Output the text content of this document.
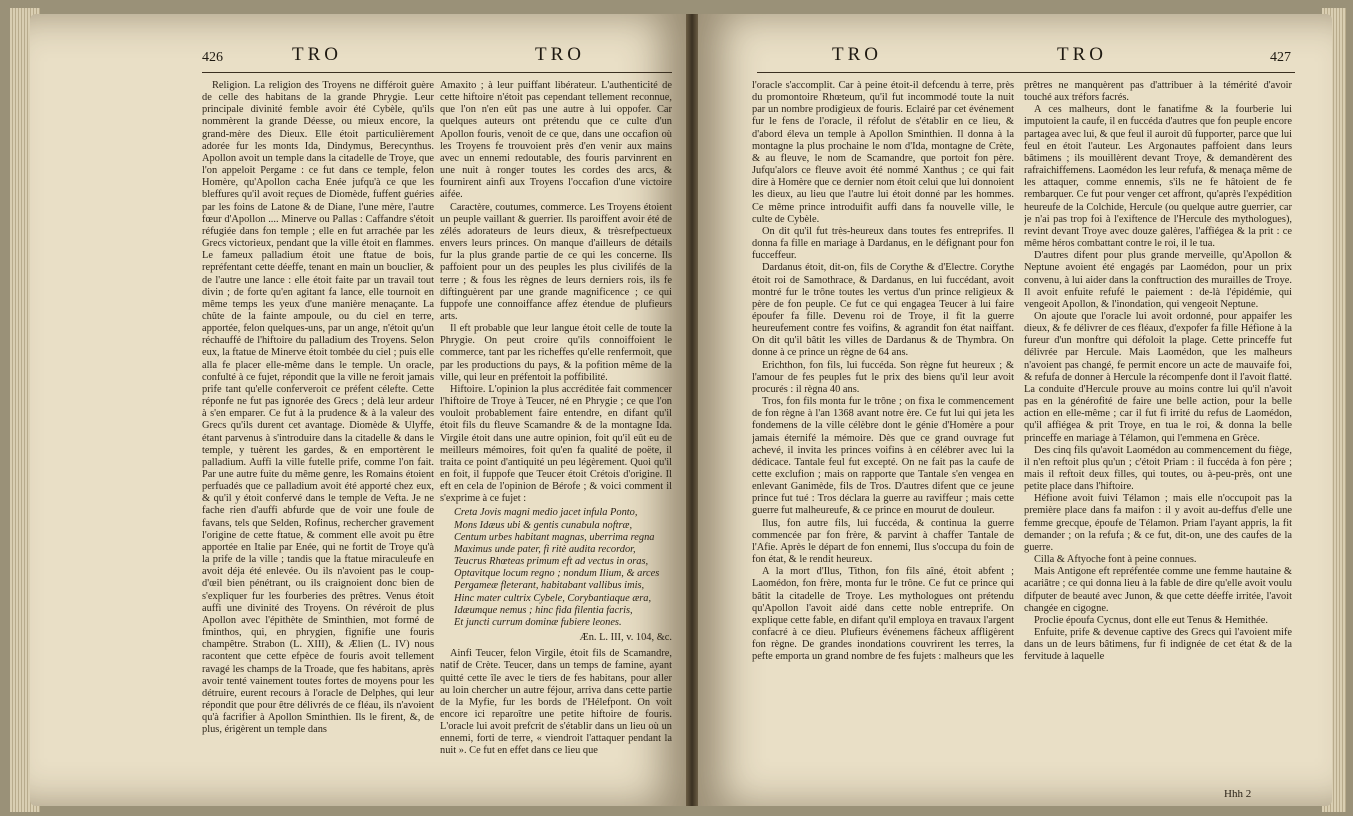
426	TRO	TRO

Religion. La religion des Troyens ne différoit guère de celle des habitans de la grande Phrygie. Leur principale divinité femble avoir été Cybèle, qu'ils nommèrent la grande Déesse, ou mieux encore, la grand-mère des Dieux. Elle étoit particulièrement adorée fur les monts Ida, Dindymus, Berecynthus. Apollon avoit un temple dans la citadelle de Troye, que l'on appeloit Pergame : ce fut dans ce temple, felon Homère, qu'Apollon cacha Enée jufqu'à ce que les bleffures qu'il avoit reçues de Diomède, fuffent guéries par les foins de Latone & de Diane, l'une mère, l'autre fœur d'Apollon .... Minerve ou Pallas : Caffandre s'étoit réfugiée dans fon temple ; elle en fut arrachée par les Grecs victorieux, pendant que la ville étoit en flammes. Le fameux palladium étoit une ftatue de bois, repréfentant cette déeffe, tenant en main un bouclier, & de l'autre une lance : elle étoit faite par un travail tout divin ; de forte qu'en agitant fa lance, elle tournoit en même temps les yeux d'une manière menaçante. La chûte de la fainte ampoule, ou du ciel en terre, apportée, felon quelques-uns, par un ange, n'étoit qu'un réchauffé de l'hiftoire du palladium des Troyens. Selon eux, la ftatue de Minerve étoit tombée du ciel ; puis elle alla fe placer elle-même dans le temple. Un oracle, confulté à ce fujet, répondit que la ville ne feroit jamais prife tant qu'elle conferveroit ce préfent célefte. Cette réponfe ne fut pas ignorée des Grecs ; delà leur ardeur à s'en emparer. Ce fut à la prudence & à la valeur des Grecs qu'ils durent cet avantage. Diomède & Ulyffe, étant parvenus à s'introduire dans la citadelle & dans le temple, y tuèrent les gardes, & en emportèrent le palladium. Auffi la ville futelle prife, comme l'on fait. Par une autre fuite du même genre, les Romains étoient perfuadés que ce palladium avoit été apporté chez eux, & qu'il y étoit confervé dans le temple de Vefta. Je ne fache rien d'auffi abfurde que de voir une foule de favans, tels que Selden, Rofinus, rechercher gravement l'origine de cette ftatue, & comment elle avoit pu être apportée en Italie par Enée, qui ne fortit de Troye qu'à la prife de la ville ; tandis que la ftatue miraculeufe en avoit déja été enlevée. Ou ils n'avoient pas le coup-d'œil bien pénétrant, ou ils craignoient donc bien de s'expliquer fur les fourberies des prêtres. Venus étoit auffi une divinité des Troyens. On révéroit de plus Apollon avec l'épithète de Sminthien, mot formé de fminthos, qui, en phrygien, fignifie une fouris champêtre. Strabon (L. XIII), & Ælien (L. IV) nous racontent que cette efpèce de fouris avoit tellement ravagé les champs de la Troade, que fes habitans, après avoir tenté vainement toutes fortes de moyens pour les détruire, eurent recours à l'oracle de Delphes, qui leur répondit que pour être délivrés de ce fléau, ils n'avoient qu'à facrifier à Apollon Sminthien. Ils le firent, &, de plus, érigèrent un temple dans

Amaxito ; à leur puiffant libérateur. L'authenticité de cette hiftoire n'étoit pas cependant tellement reconnue, que l'on n'en eût pas une autre à lui oppofer. Car quelques auteurs ont prétendu que ce culte d'un Apollon fouris, venoit de ce que, dans une occafion où les Troyens fe trouvoient près d'en venir aux mains avec un ennemi redoutable, des fouris parvinrent en une nuit à ronger toutes les cordes des arcs, & fournirent ainfi aux Troyens l'occafion d'une victoire aifée.

Caractère, coutumes, commerce. Les Troyens étoient un peuple vaillant & guerrier. Ils paroiffent avoir été de zélés adorateurs de leurs dieux, & trèsrefpectueux envers leurs princes. On manque d'ailleurs de détails fur la plus grande partie de ce qui les concerne. Ils paffoient pour un des peuples les plus civilifés de la terre ; & fous les règnes de leurs derniers rois, ils fe diftinguèrent par une grande magnificence ; ce qui fuppofe une connoiffance affez étendue de plufieurs arts.

Il eft probable que leur langue étoit celle de toute la Phrygie. On peut croire qu'ils connoiffoient le commerce, tant par les richeffes qu'elle renfermoit, que par les productions du pays, & la pofition même de la ville, qui leur en préfentoit la poffibilité.

Hiftoire. L'opinion la plus accréditée fait commencer l'hiftoire de Troye à Teucer, né en Phrygie ; ce que l'on vouloit probablement faire entendre, en difant qu'il étoit fils du fleuve Scamandre & de la montagne Ida. Virgile étoit dans une autre opinion, foit qu'il eût eu de meilleurs mémoires, foit qu'en fa qualité de poëte, il traita ce point d'antiquité un peu légèrement. Quoi qu'il en foit, il fuppofe que Teucer étoit Crétois d'origine. Il eft en cela de l'opinion de Bérofe ; & voici comment il s'exprime à ce fujet :

Creta Jovis magni medio jacet infula Ponto,
Mons Idæus ubi & gentis cunabula noftræ,
Centum urbes habitant magnas, uberrima regna
Maximus unde pater, fi ritè audita recordor,
Teucrus Rhœteas primum eft ad vectus in oras,
Optavitque locum regno ; nondum Ilium, & arces
Pergameæ fleterant, habitabant vallibus imis,
Hinc mater cultrix Cybele, Corybantiaque æra,
Idæumque nemus ; hinc fida filentia facris,
Et juncti currum dominæ fubiere leones.

Æn. L. III, v. 104, &c.

Ainfi Teucer, felon Virgile, étoit fils de Scamandre, natif de Crète. Teucer, dans un temps de famine, ayant quitté cette île avec le tiers de fes habitans, pour aller au loin chercher un autre féjour, arriva dans cette partie de la Myfie, fur les bords de l'Hélefpont. On voit encore ici reparoître une petite hiftoire de fouris. L'oracle lui avoit prefcrit de s'établir dans un lieu où un ennemi, forti de terre, « viendroit l'attaquer pendant la nuit ». Ce fut en effet dans ce lieu que

TRO	TRO	427

l'oracle s'accomplit. Car à peine étoit-il defcendu à terre, près du promontoire Rhœteum, qu'il fut incommodé toute la nuit par un nombre prodigieux de fouris. Eclairé par cet événement fur le fens de l'oracle, il réfolut de s'établir en ce lieu, & d'abord éleva un temple à Apollon Sminthien. Il donna à la montagne la plus prochaine le nom d'Ida, montagne de Crète, & au fleuve, le nom de Scamandre, que portoit fon père. Jufqu'alors ce fleuve avoit été nommé Xanthus ; ce qui fait dire à Homère que ce dernier nom étoit celui que lui donnoient les dieux, au lieu que l'autre lui étoit donné par les hommes. Ce même prince introduifit auffi dans fa nouvelle ville, le culte de Cybèle.

On dit qu'il fut très-heureux dans toutes fes entreprifes. Il donna fa fille en mariage à Dardanus, en le défignant pour fon fucceffeur.

Dardanus étoit, dit-on, fils de Corythe & d'Electre. Corythe étoit roi de Samothrace, & Dardanus, en lui fuccédant, avoit montré fur le trône toutes les vertus d'un prince religieux & père de fon peuple. Ce fut ce qui engagea Teucer à lui faire époufer fa fille. Devenu roi de Troye, il fit la guerre heureufement contre fes voifins, & agrandit fon état naiffant. On dit qu'il bâtit les villes de Dardanus & de Thymbra. On donne à ce prince un règne de 64 ans.

Erichthon, fon fils, lui fuccéda. Son règne fut heureux ; & l'amour de fes peuples fut le prix des biens qu'il leur avoit procurés : il règna 40 ans.

Tros, fon fils monta fur le trône ; on fixa le commencement de fon règne à l'an 1368 avant notre ère. Ce fut lui qui jeta les fondemens de la ville célèbre dont le génie d'Homère a pour jamais éternifé la mémoire. Dès que ce grand ouvrage fut achevé, il invita les princes voifins à en célébrer avec lui la dédicace. Tantale feul fut excepté. On ne fait pas la caufe de cette exclufion ; mais on rapporte que Tantale s'en vengea en enlevant Ganimède, fils de Tros. D'autres difent que ce jeune prince fut tué : Tros déclara la guerre au raviffeur ; mais cette guerre fut malheureufe, & ce prince en mourut de douleur.

Ilus, fon autre fils, lui fuccéda, & continua la guerre commencée par fon frère, & parvint à chaffer Tantale de l'Afie. Après le départ de fon ennemi, Ilus s'occupa du foin de fon état, & le rendit heureux.

A la mort d'Ilus, Tithon, fon fils aîné, étoit abfent ; Laomédon, fon frère, monta fur le trône. Ce fut ce prince qui bâtit la citadelle de Troye. Les mythologues ont prétendu qu'Apollon l'avoit aidé dans cette noble entreprife. On explique cette fable, en difant qu'il employa en travaux l'argent confacré à ce dieu. Plufieurs événemens fâcheux affligèrent fon règne. De grandes inondations couvrirent les terres, la pefte emporta un grand nombre de fes fujets : malheurs que les

prêtres ne manquèrent pas d'attribuer à la témérité d'avoir touché aux tréfors facrés.

A ces malheurs, dont le fanatifme & la fourberie lui imputoient la caufe, il en fuccéda d'autres que fon peuple encore partagea avec lui, & que feul il auroit dû fupporter, parce que lui feul en étoit l'auteur. Les Argonautes paffoient dans leurs bâtimens ; ils mouillèrent devant Troye, & demandèrent des rafraichiffemens. Laomédon les leur refufa, & menaça même de les attaquer, comme ennemis, s'ils ne fe hâtoient de fe rembarquer. Ce fut pour venger cet affront, qu'après l'expédition heureufe de la Colchide, Hercule (ou quelque autre guerrier, car je n'ai pas trop foi à l'exiftence de l'Hercule des mythologues), revint devant Troye avec douze galères, l'affiégea & la prit : ce même héros combattant contre le roi, il le tua.

D'autres difent pour plus grande merveille, qu'Apollon & Neptune avoient été engagés par Laomédon, pour un prix convenu, à lui aider dans la conftruction des murailles de Troye. Il avoit enfuite refufé le paiement : de-là l'épidémie, qui vengeoit Apollon, & l'inondation, qui vengeoit Neptune.

On ajoute que l'oracle lui avoit ordonné, pour appaifer les dieux, & fe délivrer de ces fléaux, d'expofer fa fille Héfione à la fureur d'un monftre qui défoloit la plage. Cette princeffe fut délivrée par Hercule. Mais Laomédon, que les malheurs n'avoient pas changé, fe permit encore un acte de mauvaife foi, & refufa de donner à Hercule la récompenfe dont il l'avoit flatté. La conduite d'Hercule prouve au moins contre lui qu'il n'avoit pas en la générofité de faire une belle action, pour la belle action en elle-même ; car il fut fi irrité du refus de Laomédon, qu'il affiégea & prit Troye, en tua le roi, & donna la belle princeffe en mariage à Télamon, qui l'emmena en Grèce.

Des cinq fils qu'avoit Laomédon au commencement du fiège, il n'en reftoit plus qu'un ; c'étoit Priam : il fuccéda à fon père ; mais il reftoit deux filles, qui toutes, ou à-peu-près, ont une petite place dans l'hiftoire.

Héfione avoit fuivi Télamon ; mais elle n'occupoit pas la première place dans fa maifon : il y avoit au-deffus d'elle une femme grecque, époufe de Télamon. Priam l'ayant appris, la fit demander ; on la refufa ; & ce fut, dit-on, une des caufes de la guerre.

Cilla & Aftyoche font à peine connues.

Mais Antigone eft repréfentée comme une femme hautaine & acariâtre ; ce qui donna lieu à la fable de dire qu'elle avoit voulu difputer de beauté avec Junon, & que cette déeffe irritée, l'avoit changée en cigogne.

Proclie époufa Cycnus, dont elle eut Tenus & Hemithée.

Enfuite, prife & devenue captive des Grecs qui l'avoient mife dans un de leurs bâtimens, fur fi indignée de cet état & de la fervitude à laquelle

Hhh 2
